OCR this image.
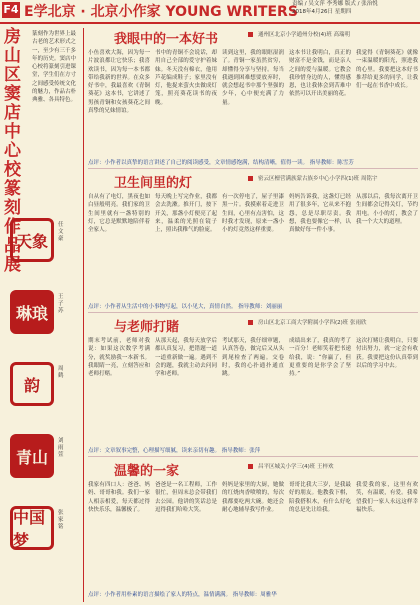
F4 E学北京 · 北京小作家 YOUNG WRITERS
责编 / 吴文萍 李秀娜 版式 / 张治悦
2018年4月26日 星期四
房山区窦店中心校篆刻作品展
篆刻作为世界上最古老的艺术形式之一，至少有三千多年的历史。窦店中心校将篆刻引进课堂，学生们在方寸之间感受传统文化的魅力，作品古朴典雅、各具特色。
天象
任文豪
琳琅
王子苏
韵
周鹤
青山
刘雨萱
中国梦
张家铭
我眼中的一本好书	通州区北京小学通州分校(4)班 高瑞明
小鱼喜欢大海，因为每一片波浪都让它快乐；我喜欢读书，因为每一本书都带给我新的世界。在众多好书中，我最喜欢《青铜葵花》这本书，它讲述了男孩青铜和女孩葵花之间真挚的兄妹情谊。
书中的青铜不会说话，却用自己全部的爱守护着妹妹。冬天没有棉衣，他用芦花编成鞋子；家里没有灯，他捉来萤火虫做成灯笼，照亮葵花读书的夜晚。
读到这里，我的眼眶湿润了。青铜一家虽然贫穷，却懂得分享与坚持。每当我遇到困难想要放弃时，就会想起书中那个坚强的少年，心中便充满了力量。
这本书让我明白，真正的财富不是金钱，而是亲人之间的爱与温暖。它教会我珍惜身边的人，懂得感恩，也让我体会到苦难中依然可以开出美丽的花。
我觉得《青铜葵花》就像一束温暖的阳光，照进我的心里。我要把这本好书推荐给更多的同学，让我们一起在书香中成长。
点评：小作者以真挚的语言讲述了自己的阅读感受，文章情感饱满，结构清晰，值得一读。 指导教师：陈雪芳
卫生间里的灯	密云区檀营满族蒙古族乡中心小学四(1)班 周铭宇
自从有了电灯，黑夜也如白昼般明亮。我们家的卫生间里就有一盏特别的灯，它总是默默地陪伴着全家人。
每天晚上写完作业，我都会去洗漱。推开门，按下开关，那盏小灯便亮了起来，温柔的光照在镜子上，照出我稚气的脸庞。
有一次停电了，屋子里漆黑一片。我摸索着走进卫生间，心里有点害怕，这时我才发现，原来一盏小小的灯竟然这样重要。
妈妈告诉我，这盏灯已经用了很多年，它从来不抱怨，总是尽职尽责。我想，我也要像它一样，认真做好每一件小事。
从那以后，我每次离开卫生间都会记得关灯，节约用电。小小的灯，教会了我一个大大的道理。
点评：小作者从生活中的小事物写起，以小见大，真情自然。 指导教师：刘丽丽
与老师打賭	房山区北京工商大学附属小学四(2)班 张雨欣
期末考试前，老师对我说：如果这次数学考满分，就奖励我一本新书。我眼睛一亮，立刻答应和老师打赌。
从那天起，我每天放学后都认真复习，把错题一道一道重新做一遍。遇到不会的题，我就主动去问同学和老师。
考试那天，我仔细审题，认真答卷，做完后又从头到尾检查了两遍。交卷时，我的心扑通扑通直跳。
成绩出来了，我真的考了一百分！老师笑着把书递给我，说：“你赢了，但更重要的是你学会了坚持。”
这次打赌让我明白，只要付出努力，就一定会有收获。我要把这份认真带到以后的学习中去。
点评：文章叙事完整，心理描写细腻，读来亲切有趣。 指导教师：张萍
温馨的一家	昌平区城关小学三(4)班 王梓欢
我家有四口人：爸爸、妈妈、哥哥和我。我们一家人相亲相爱，每天都过得快快乐乐，温馨极了。
爸爸是一名工程师，工作很忙，但周末总会带我们去公园。他讲的笑话总是逗得我们哈哈大笑。
妈妈是家里的大厨，她做的红烧肉香喷喷的，每次我都要吃两大碗。她还会耐心地辅导我写作业。
哥哥比我大三岁，是我最好的朋友。他教我下棋，陪我搭积木，有什么好吃的总是先让给我。
我爱我的家，这里有欢笑，有温暖，有爱。我希望我们一家人永远这样幸福快乐。
点评：小作者用朴素的语言描绘了家人的特点，温情满满。 指导教师：周雅华
